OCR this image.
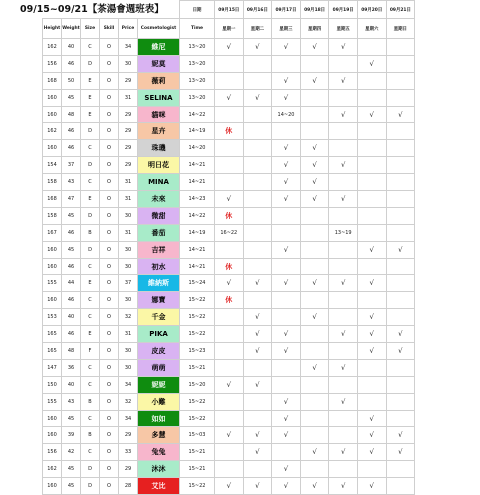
09/15~09/21【茶湯會週班表】
						日期	09月15日	09月16日	09月17日	09月18日	09月19日	09月20日	09月21日
Height	Weight	Size	Skill	Price	Cosmetologist	Time	星期一	星期二	星期三	星期四	星期五	星期六	星期日
162	40	C	O	34	維尼	13~20	√	√	√	√	√		
156	46	D	O	30	妮莫	13~20						√	
168	50	E	O	29	薇莉	13~20			√	√	√		
160	45	E	O	31	SELINA	13~20	√	√	√				
160	48	E	O	29	貓咪	14~22			14~20		√	√	√
162	46	D	O	29	星卉	14~19	休						
160	46	C	O	29	珠璣	14~20			√	√			
154	37	D	O	29	明日花	14~21			√	√	√		
158	43	C	O	31	MINA	14~21			√	√			
168	47	E	O	31	未來	14~23	√		√	√	√		
158	45	D	O	30	微甜	14~22	休						
167	46	B	O	31	番茄	14~19	16~22				13~19		
160	45	D	O	30	吉祥	14~21			√			√	√
160	46	C	O	30	初水	14~21	休						
155	44	E	O	37	維納斯	15~24	√	√	√	√	√	√	
160	46	C	O	30	娜寶	15~22	休						
153	40	C	O	32	千金	15~22		√		√		√	
165	46	E	O	31	PIKA	15~22		√	√		√	√	√
165	48	F	O	30	皮皮	15~23		√	√			√	√
147	36	C	O	30	萌萌	15~21				√	√		
150	40	C	O	34	妮妮	15~20	√	√					
155	43	B	O	32	小難	15~22			√		√		
160	45	C	O	34	如如	15~22			√			√	
160	39	B	O	29	多慧	15~03	√	√	√			√	√
156	42	C	O	33	兔兔	15~21		√		√	√	√	√
162	45	D	O	29	沐沐	15~21			√				
160	45	D	O	28	艾比	15~22	√	√	√	√	√	√	
